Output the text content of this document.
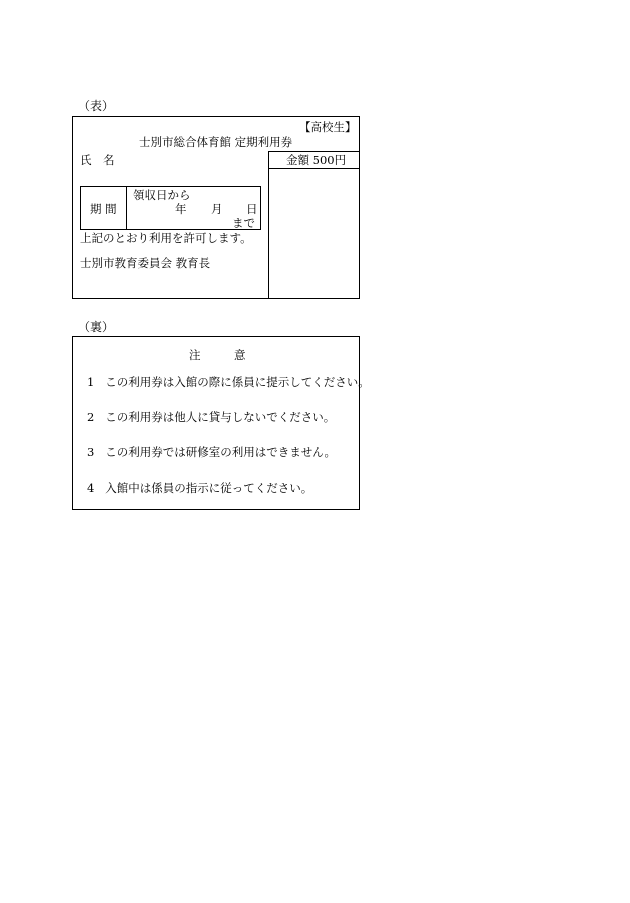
（表）
【高校生】
士別市総合体育館 定期利用券
氏　名	金額 500円
期 間
領収日から
年 月 日
まで
上記のとおり利用を許可します。
士別市教育委員会 教育長
（裏）
注	意
1 この利用券は入館の際に係員に提示してください。
2 この利用券は他人に貸与しないでください。
3 この利用券では研修室の利用はできません。
4 入館中は係員の指示に従ってください。
